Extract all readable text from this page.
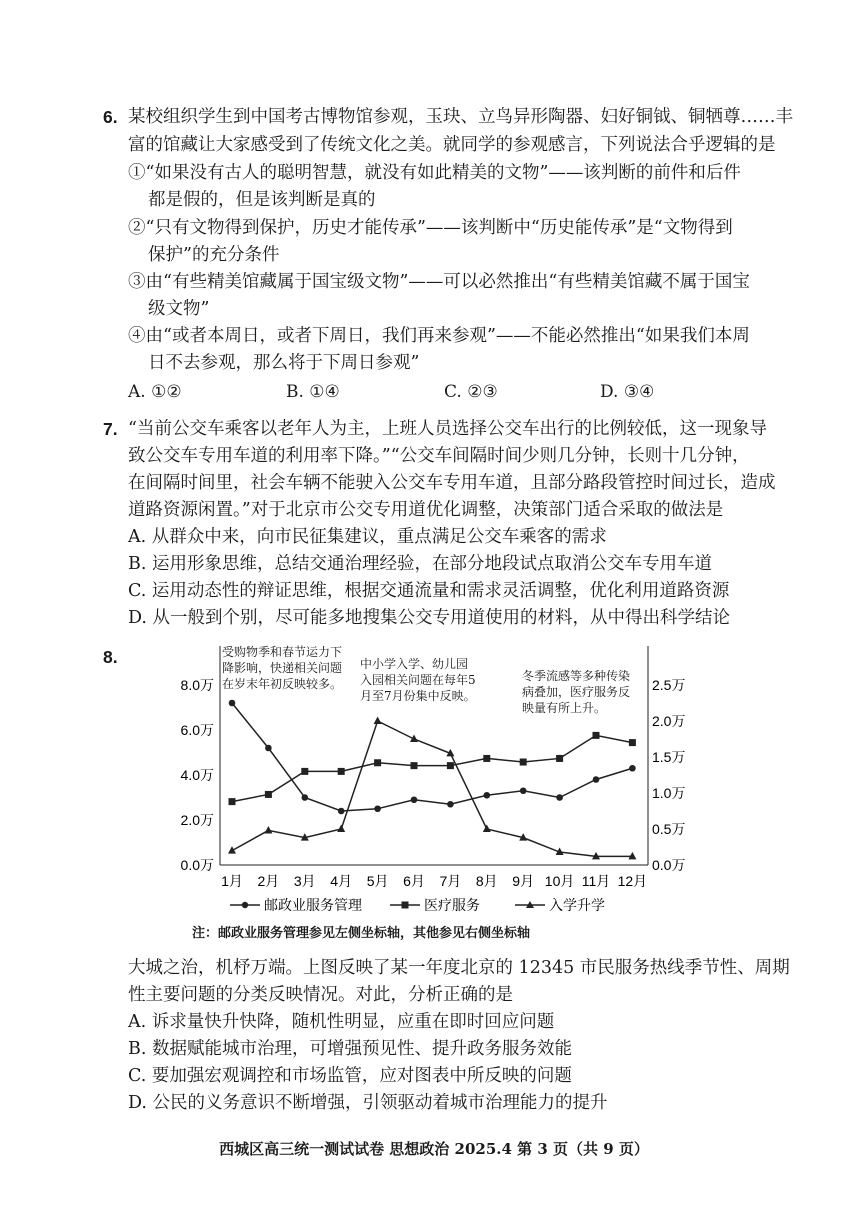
6. 某校组织学生到中国考古博物馆参观，玉玦、立鸟异形陶器、妇好铜钺、铜牺尊……丰
富的馆藏让大家感受到了传统文化之美。就同学的参观感言，下列说法合乎逻辑的是
①“如果没有古人的聪明智慧，就没有如此精美的文物”——该判断的前件和后件
都是假的，但是该判断是真的
②“只有文物得到保护，历史才能传承”——该判断中“历史能传承”是“文物得到
保护”的充分条件
③由“有些精美馆藏属于国宝级文物”——可以必然推出“有些精美馆藏不属于国宝
级文物”
④由“或者本周日，或者下周日，我们再来参观”——不能必然推出“如果我们本周
日不去参观，那么将于下周日参观”
A. ①②	B. ①④	C. ②③	D. ③④
7. “当前公交车乘客以老年人为主，上班人员选择公交车出行的比例较低，这一现象导
致公交车专用车道的利用率下降。”“公交车间隔时间少则几分钟，长则十几分钟，
在间隔时间里，社会车辆不能驶入公交车专用车道，且部分路段管控时间过长，造成
道路资源闲置。”对于北京市公交专用道优化调整，决策部门适合采取的做法是
A. 从群众中来，向市民征集建议，重点满足公交车乘客的需求
B. 运用形象思维，总结交通治理经验，在部分地段试点取消公交车专用车道
C. 运用动态性的辩证思维，根据交通流量和需求灵活调整，优化利用道路资源
D. 从一般到个别，尽可能多地搜集公交专用道使用的材料，从中得出科学结论
8.
0.0万
2.0万
4.0万
6.0万
8.0万
0.0万
0.5万
1.0万
1.5万
2.0万
2.5万
1月 2月 3月 4月 5月 6月 7月 8月 9月 10月 11月 12月
邮政业服务管理	医疗服务	入学升学
受购物季和春节运力下
降影响，快递相关问题
在岁末年初反映较多。
中小学入学、幼儿园
入园相关问题在每年5
月至7月份集中反映。
冬季流感等多种传染
病叠加，医疗服务反
映量有所上升。
注：邮政业服务管理参见左侧坐标轴，其他参见右侧坐标轴
大城之治，机杼万端。上图反映了某一年度北京的 12345 市民服务热线季节性、周期
性主要问题的分类反映情况。对此，分析正确的是
A. 诉求量快升快降，随机性明显，应重在即时回应问题
B. 数据赋能城市治理，可增强预见性、提升政务服务效能
C. 要加强宏观调控和市场监管，应对图表中所反映的问题
D. 公民的义务意识不断增强，引领驱动着城市治理能力的提升
西城区高三统一测试试卷 思想政治 2025.4 第 3 页（共 9 页）
